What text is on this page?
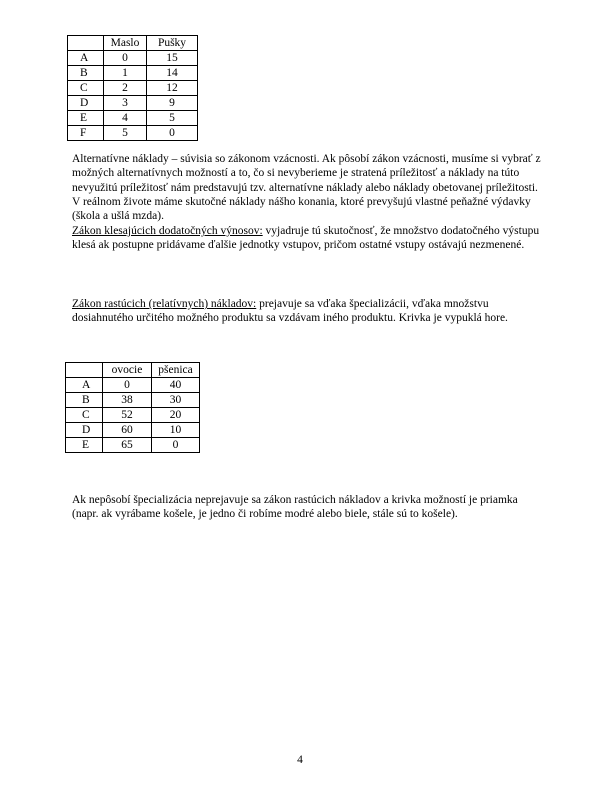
	Maslo	Pušky
A	0	15
B	1	14
C	2	12
D	3	9
E	4	5
F	5	0

Alternatívne náklady – súvisia so zákonom vzácnosti. Ak pôsobí zákon vzácnosti, musíme si vybrať z možných alternatívnych možností a to, čo si nevyberieme je stratená príležitosť a náklady na túto nevyužitú príležitosť nám predstavujú tzv. alternatívne náklady alebo náklady obetovanej príležitosti. V reálnom živote máme skutočné náklady nášho konania, ktoré prevyšujú vlastné peňažné výdavky (škola a ušlá mzda).

Zákon klesajúcich dodatočných výnosov: vyjadruje tú skutočnosť, že množstvo dodatočného výstupu klesá ak postupne pridávame ďalšie jednotky vstupov, pričom ostatné vstupy ostávajú nezmenené.

Zákon rastúcich (relatívnych) nákladov: prejavuje sa vďaka špecializácii, vďaka množstvu dosiahnutého určitého možného produktu sa vzdávam iného produktu. Krivka je vypuklá hore.

	ovocie	pšenica
A	0	40
B	38	30
C	52	20
D	60	10
E	65	0

Ak nepôsobí špecializácia neprejavuje sa zákon rastúcich nákladov a krivka možností je priamka (napr. ak vyrábame košele, je jedno či robíme modré alebo biele, stále sú to košele).

4
